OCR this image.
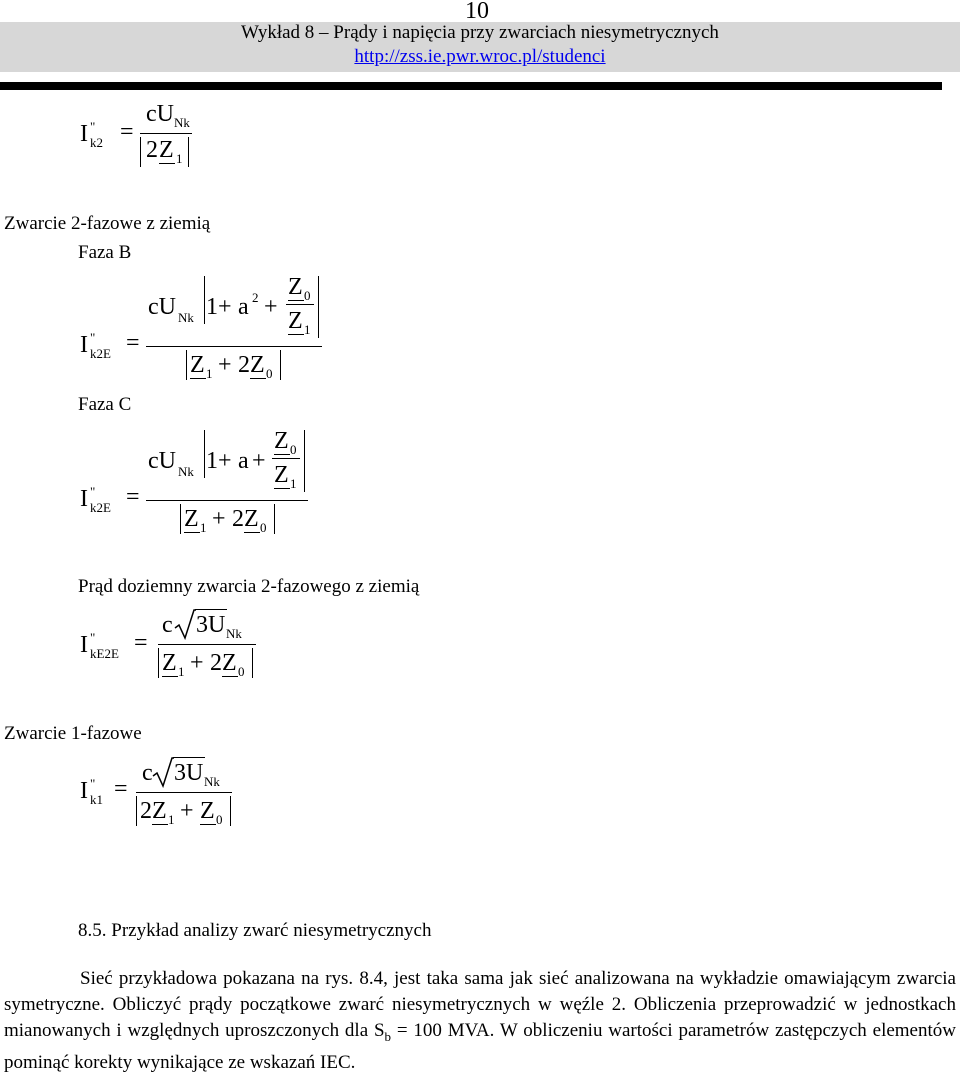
10
Wykład 8 – Prądy i napięcia przy zwarciach niesymetrycznych
http://zss.ie.pwr.wroc.pl/studenci
I "
k2 =
cU Nk
2 Z 1
Zwarcie 2-fazowe z ziemią
Faza B
I "
k2E =
cU Nk 1 + a 2 +
Z 0
Z 1
Z 1 + 2 Z 0
Faza C
I "
k2E =
cU Nk 1 + a +
Z 0
Z 1
Z 1 + 2 Z 0
Prąd doziemny zwarcia 2-fazowego z ziemią
I "
kE2E =
c 3U Nk
Z 1 + 2 Z 0
Zwarcie 1-fazowe
I "
k1 =
c 3U Nk
2 Z 1 + Z 0
8.5. Przykład analizy zwarć niesymetrycznych

Sieć przykładowa pokazana na rys. 8.4, jest taka sama jak sieć analizowana na wykładzie omawiającym zwarcia symetryczne. Obliczyć prądy początkowe zwarć niesymetrycznych w węźle 2. Obliczenia przeprowadzić w jednostkach mianowanych i względnych uproszczonych dla $S_b = 100$ MVA. W obliczeniu wartości parametrów zastępczych elementów pominąć korekty wynikające ze wskazań IEC.
